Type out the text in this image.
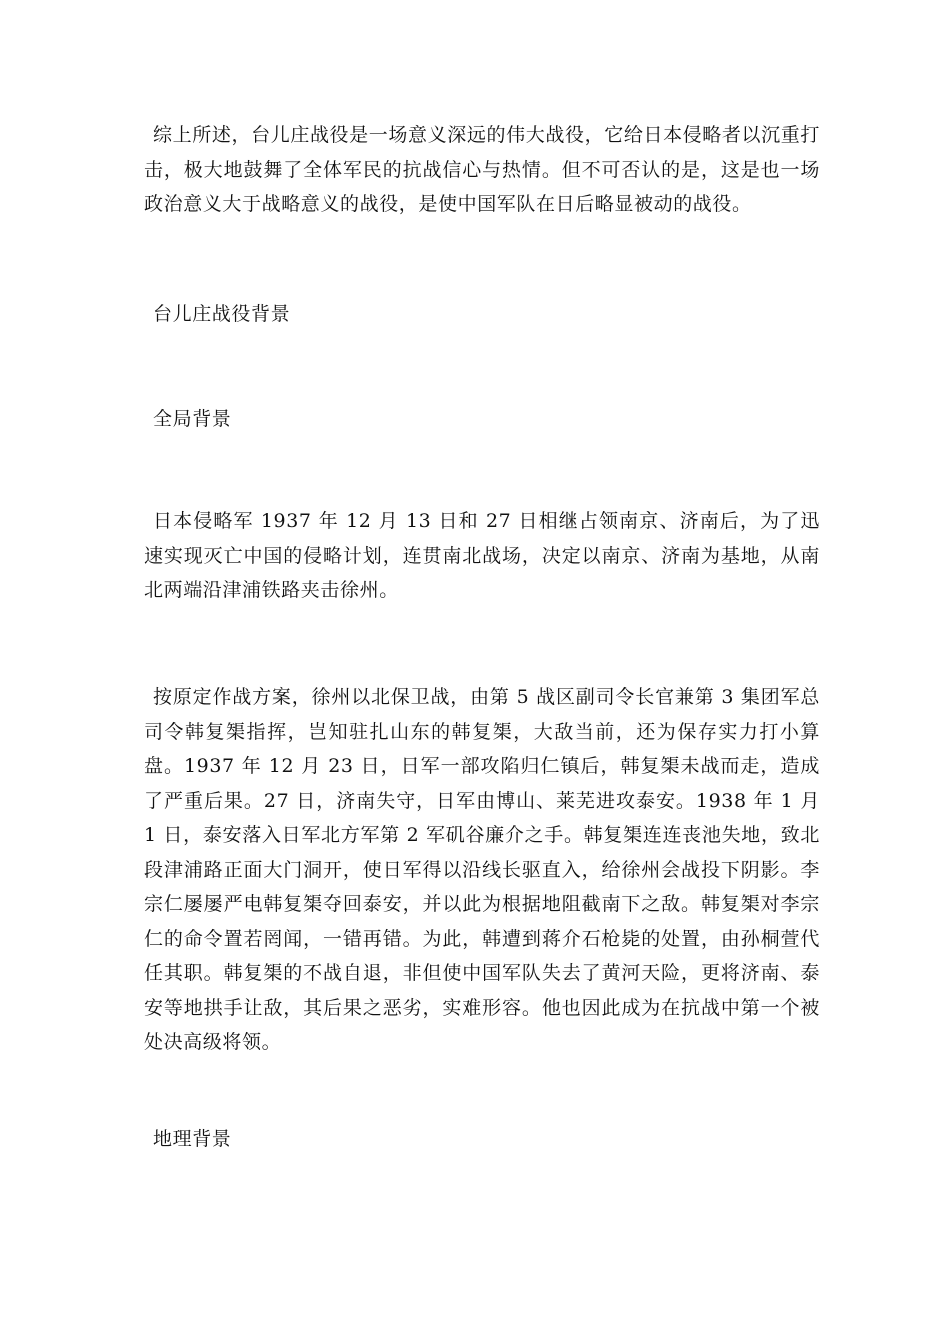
综上所述，台儿庄战役是一场意义深远的伟大战役，它给日本侵略者以沉重打击，极大地鼓舞了全体军民的抗战信心与热情。但不可否认的是，这是也一场政治意义大于战略意义的战役，是使中国军队在日后略显被动的战役。

台儿庄战役背景

全局背景

日本侵略军 1937 年 12 月 13 日和 27 日相继占领南京、济南后，为了迅速实现灭亡中国的侵略计划，连贯南北战场，决定以南京、济南为基地，从南北两端沿津浦铁路夹击徐州。

按原定作战方案，徐州以北保卫战，由第 5 战区副司令长官兼第 3 集团军总司令韩复榘指挥，岂知驻扎山东的韩复榘，大敌当前，还为保存实力打小算盘。1937 年 12 月 23 日，日军一部攻陷归仁镇后，韩复榘未战而走，造成了严重后果。27 日，济南失守，日军由博山、莱芜进攻泰安。1938 年 1 月 1 日，泰安落入日军北方军第 2 军矶谷廉介之手。韩复榘连连丧池失地，致北段津浦路正面大门洞开，使日军得以沿线长驱直入，给徐州会战投下阴影。李宗仁屡屡严电韩复榘夺回泰安，并以此为根据地阻截南下之敌。韩复榘对李宗仁的命令置若罔闻，一错再错。为此，韩遭到蒋介石枪毙的处置，由孙桐萱代任其职。韩复榘的不战自退，非但使中国军队失去了黄河天险，更将济南、泰安等地拱手让敌，其后果之恶劣，实难形容。他也因此成为在抗战中第一个被处决高级将领。

地理背景
